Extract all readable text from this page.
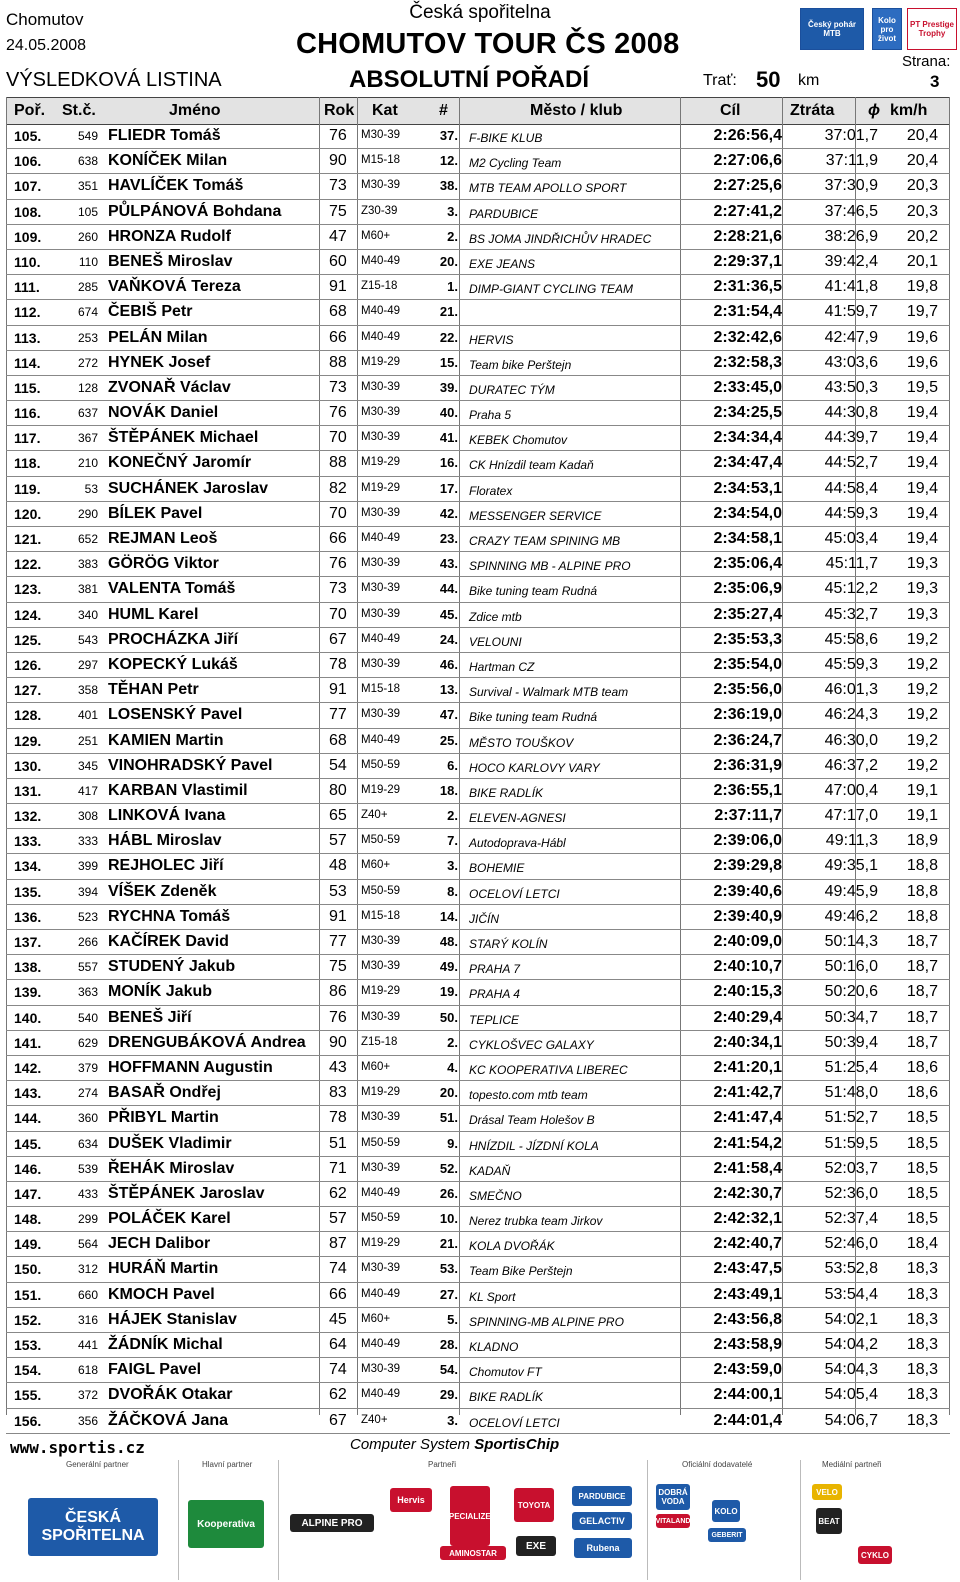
Chomutov
24.05.2008
VÝSLEDKOVÁ LISTINA
Česká spořitelna
CHOMUTOV TOUR ČS 2008
ABSOLUTNÍ POŘADÍ	Trať: 50 km
Strana:
3
Český pohár MTB
Kolo pro život
PT Prestige Trophy
Poř. St.č.	Jméno	Rok Kat	#	Město / klub	Cíl	Ztráta ϕ km/h
105.	549 FLIEDR Tomáš	76 M30-39	37. F-BIKE KLUB	2:26:56,4	37:01,7	20,4
106.	638 KONÍČEK Milan	90 M15-18	12. M2 Cycling Team	2:27:06,6	37:11,9	20,4
107.	351 HAVLÍČEK Tomáš	73 M30-39	38. MTB TEAM APOLLO SPORT	2:27:25,6	37:30,9	20,3
108.	105 PŮLPÁNOVÁ Bohdana	75 Z30-39	3. PARDUBICE	2:27:41,2	37:46,5	20,3
109.	260 HRONZA Rudolf	47 M60+	2. BS JOMA JINDŘICHŮV HRADEC	2:28:21,6	38:26,9	20,2
110.	110 BENEŠ Miroslav	60 M40-49	20. EXE JEANS	2:29:37,1	39:42,4	20,1
111.	285 VAŇKOVÁ Tereza	91 Z15-18	1. DIMP-GIANT CYCLING TEAM	2:31:36,5	41:41,8	19,8
112.	674 ČEBIŠ Petr	68 M40-49	21.	2:31:54,4	41:59,7	19,7
113.	253 PELÁN Milan	66 M40-49	22. HERVIS	2:32:42,6	42:47,9	19,6
114.	272 HYNEK Josef	88 M19-29	15. Team bike Perštejn	2:32:58,3	43:03,6	19,6
115.	128 ZVONAŘ Václav	73 M30-39	39. DURATEC TÝM	2:33:45,0	43:50,3	19,5
116.	637 NOVÁK Daniel	76 M30-39	40. Praha 5	2:34:25,5	44:30,8	19,4
117.	367 ŠTĚPÁNEK Michael	70 M30-39	41. KEBEK Chomutov	2:34:34,4	44:39,7	19,4
118.	210 KONEČNÝ Jaromír	88 M19-29	16. CK Hnízdil team Kadaň	2:34:47,4	44:52,7	19,4
119.	53 SUCHÁNEK Jaroslav	82 M19-29	17. Floratex	2:34:53,1	44:58,4	19,4
120.	290 BÍLEK Pavel	70 M30-39	42. MESSENGER SERVICE	2:34:54,0	44:59,3	19,4
121.	652 REJMAN Leoš	66 M40-49	23. CRAZY TEAM SPINING MB	2:34:58,1	45:03,4	19,4
122.	383 GÖRÖG Viktor	76 M30-39	43. SPINNING MB - ALPINE PRO	2:35:06,4	45:11,7	19,3
123.	381 VALENTA Tomáš	73 M30-39	44. Bike tuning team Rudná	2:35:06,9	45:12,2	19,3
124.	340 HUML Karel	70 M30-39	45. Zdice mtb	2:35:27,4	45:32,7	19,3
125.	543 PROCHÁZKA Jiří	67 M40-49	24. VELOUNI	2:35:53,3	45:58,6	19,2
126.	297 KOPECKÝ Lukáš	78 M30-39	46. Hartman CZ	2:35:54,0	45:59,3	19,2
127.	358 TĚHAN Petr	91 M15-18	13. Survival - Walmark MTB team	2:35:56,0	46:01,3	19,2
128.	401 LOSENSKÝ Pavel	77 M30-39	47. Bike tuning team Rudná	2:36:19,0	46:24,3	19,2
129.	251 KAMIEN Martin	68 M40-49	25. MĚSTO TOUŠKOV	2:36:24,7	46:30,0	19,2
130.	345 VINOHRADSKÝ Pavel	54 M50-59	6. HOCO KARLOVY VARY	2:36:31,9	46:37,2	19,2
131.	417 KARBAN Vlastimil	80 M19-29	18. BIKE RADLÍK	2:36:55,1	47:00,4	19,1
132.	308 LINKOVÁ Ivana	65 Z40+	2. ELEVEN-AGNESI	2:37:11,7	47:17,0	19,1
133.	333 HÁBL Miroslav	57 M50-59	7. Autodoprava-Hábl	2:39:06,0	49:11,3	18,9
134.	399 REJHOLEC Jiří	48 M60+	3. BOHEMIE	2:39:29,8	49:35,1	18,8
135.	394 VÍŠEK Zdeněk	53 M50-59	8. OCELOVÍ LETCI	2:39:40,6	49:45,9	18,8
136.	523 RYCHNA Tomáš	91 M15-18	14. JIČÍN	2:39:40,9	49:46,2	18,8
137.	266 KAČÍREK David	77 M30-39	48. STARÝ KOLÍN	2:40:09,0	50:14,3	18,7
138.	557 STUDENÝ Jakub	75 M30-39	49. PRAHA 7	2:40:10,7	50:16,0	18,7
139.	363 MONÍK Jakub	86 M19-29	19. PRAHA 4	2:40:15,3	50:20,6	18,7
140.	540 BENEŠ Jiří	76 M30-39	50. TEPLICE	2:40:29,4	50:34,7	18,7
141.	629 DRENGUBÁKOVÁ Andrea 90 Z15-18	2. CYKLOŠVEC GALAXY	2:40:34,1	50:39,4	18,7
142.	379 HOFFMANN Augustin	43 M60+	4. KC KOOPERATIVA LIBEREC	2:41:20,1	51:25,4	18,6
143.	274 BASAŘ Ondřej	83 M19-29	20. topesto.com mtb team	2:41:42,7	51:48,0	18,6
144.	360 PŘIBYL Martin	78 M30-39	51. Drásal Team Holešov B	2:41:47,4	51:52,7	18,5
145.	634 DUŠEK Vladimir	51 M50-59	9. HNÍZDIL - JÍZDNÍ KOLA	2:41:54,2	51:59,5	18,5
146.	539 ŘEHÁK Miroslav	71 M30-39	52. KADAŇ	2:41:58,4	52:03,7	18,5
147.	433 ŠTĚPÁNEK Jaroslav	62 M40-49	26. SMEČNO	2:42:30,7	52:36,0	18,5
148.	299 POLÁČEK Karel	57 M50-59	10. Nerez trubka team Jirkov	2:42:32,1	52:37,4	18,5
149.	564 JECH Dalibor	87 M19-29	21. KOLA DVOŘÁK	2:42:40,7	52:46,0	18,4
150.	312 HURÁŇ Martin	74 M30-39	53. Team Bike Perštejn	2:43:47,5	53:52,8	18,3
151.	660 KMOCH Pavel	66 M40-49	27. KL Sport	2:43:49,1	53:54,4	18,3
152.	316 HÁJEK Stanislav	45 M60+	5. SPINNING-MB ALPINE PRO	2:43:56,8	54:02,1	18,3
153.	441 ŽÁDNÍK Michal	64 M40-49	28. KLADNO	2:43:58,9	54:04,2	18,3
154.	618 FAIGL Pavel	74 M30-39	54. Chomutov FT	2:43:59,0	54:04,3	18,3
155.	372 DVOŘÁK Otakar	62 M40-49	29. BIKE RADLÍK	2:44:00,1	54:05,4	18,3
156.	356 ŽÁČKOVÁ Jana	67 Z40+	3. OCELOVÍ LETCI	2:44:01,4	54:06,7	18,3
www.sportis.cz	Computer System SportisChip
Generální partner	Hlavní partner	Partneři	Oficiální dodavatelé	Mediální partneři
ČESKÁ SPOŘITELNA
Kooperativa	ALPINE PRO
Hervis
SPECIALIZED
TOYOTA
PARDUBICE
GELACTIV
EXE	Rubena
AMINOSTAR
DOBRÁ VODA
VITALAND
KOLO
GEBERIT
VELO
BEAT
CYKLO
